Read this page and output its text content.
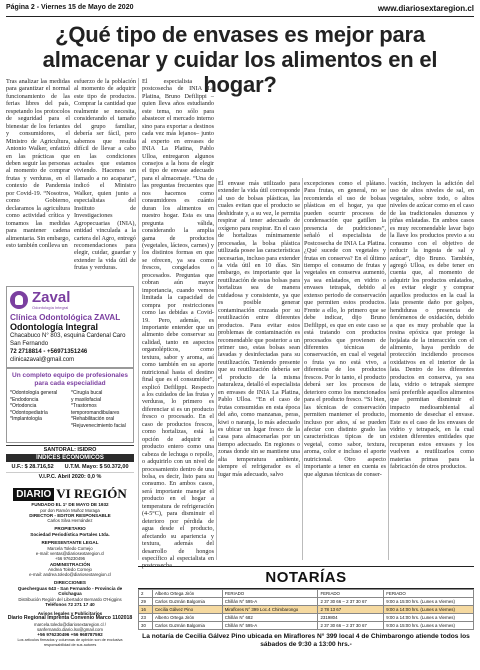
Página 2 - Viernes 15 de Mayo de 2020	www.diariosextaregion.cl
¿Qué tipo de envases es mejor para almacenar y cuidar los alimentos en el hogar?
Tras analizar las medidas para garantizar el normal funcionamiento de las ferias libres del país, respetando los protocolos de seguridad para el bienestar de los feriantes y consumidores, el Ministro de Agricultura, Antonio Walker, enfatizó en las prácticas que deben seguir las personas al momento de comprar frutas y verduras, en el contexto de Pandemia por Covid-19. “Nosotros, como Gobierno, declaramos la agricultura como actividad crítica y tomamos las medidas para mantener cadena alimentaria. Sin embargo, esto también conlleva un
esfuerzo de la población al momento de adquirir este tipo de productos. Comprar la cantidad que realmente se necesita, considerando el tamaño del grupo familiar, debería ser fácil, pero sabemos que resulta difícil de llevar a cabo en las condiciones actuales que estamos viviendo. Hacemos un llamado a no acaparar”, indicó el Ministro Walker, quien junto a especialistas del Instituto de Investigaciones Agropecuarias (INIA), entidad vinculada a la cartera del Agro, entregó recomendaciones para elegir, cuidar, guardar y extender la vida útil de frutas y verduras.
El especialista en postcosecha de INIA La Platina, Bruno Defilippi –quien lleva años estudiando este tema, no sólo para abastecer el mercado interno sino para exportar a destinos cada vez más lejanos– junto al experto en envases de INIA La Platina, Pablo Ulloa, entregaron algunos consejos a la hora de elegir el tipo de envase adecuado para el almacenaje. “Una de las preguntas frecuentes que nos hacemos como consumidores es cuánto duran los alimentos en nuestro hogar. Esta es una pregunta válida, considerando la amplia gama de productos (vegetales, lácteos, carnes) y los distintos formas en que se ofrecen, ya sea como frescos, congelados o procesados. Preguntas que cobran aún mayor importancia, cuando vemos limitada la capacidad de compra por restricciones como las debidas a Covid-19. Pero, además, es importante entender que un alimento debe conservar su calidad, tanto en aspectos organolépticos, como textura, sabor y aroma, así como también en su aporte nutricional hasta el destino final que es el consumidor”, explicó Defilippi. Respecto a los cuidados de las frutas y verduras, lo primero es diferenciar si es un producto fresco o procesado. En el caso de productos frescos, como hortalizas, está la opción de adquirir el producto entero como una cabeza de lechuga o repollo, o adquirirlo con un nivel de procesamiento dentro de una bolsa, es decir, listo para su consumo. En ambos casos, será importante manejar el producto en el hogar a temperatura de refrigeración (4-5°C), para disminuir el deterioro por pérdida de agua desde el producto, afectando su apariencia y textura, además del desarrollo de hongos específico al especialista en postcosecha.
El envase más utilizado para extender la vida útil corresponde al uso de bolsas plásticas, las cuales evitan que el producto se deshidrate y, a su vez, le permita respirar al tener adecuado de oxígeno para respirar. En el caso de hortalizas mínimamente procesadas, la bolsa plástica utilizada posee las características necesarias, incluso para extender la vida útil en 10 días. Sin embargo, es importante que la reutilización de estas bolsas para hortalizas sea de manera cuidadosa y consistente, ya que es posible generar contaminación cruzada por su reutilización entre diferentes productos. Para evitar estos problemas de contaminación es recomendable que posterior a un primer uso, estas bolsas sean lavadas y desinfectadas para su reutilización. Teniendo presente que su reutilización debería ser el producto de la misma naturaleza, detalló el especialista en envases de INIA La Platina, Pablo Ulloa. “En el caso de frutas consumidas en esta época del año, como manzanas, peras, kiwi o naranja, lo más adecuado es ubicar un lugar fresco de la casa para almacenarlas por un tiempo adecuado. En regiones o zonas donde sin se mantiene una alta temperatura ambiente, siempre el refrigerador es el lugar más adecuado, salvo
excepciones como el plátano. Para frutas, en general, no se recomienda el uso de bolsas plásticas en el hogar, ya que pueden ocurrir procesos de condensación que gatillen la presencia de pudriciones”, señaló el especialista de Postcosecha de INIA La Platina. ¿Qué sucede con vegetales y frutas en conserva? En el último tiempo el consumo de frutas y vegetales en conserva aumentó, ya sea enlatados, en vidrio o envases tetrapak, debido al extenso periodo de conservación que permiten estos productos. Frente a ello, lo primero que se debe indicar, dijo Bruno Defilippi, es que en este caso se está tratando con productos procesados que provienen de diferentes técnicas de conservación, en cual el vegetal o fruta ya no está vivo, a diferencia de los productos frescos. Por lo tanto, el producto deberá ser los procesos de deterioro como los mencionados para el producto fresco. “Si bien, las técnicas de conservación permiten mantener el producto, incluso por años, sí se pueden afectar con distinto grado las características típicas de un vegetal, como sabor, textura, aroma, color e incluso el aporte nutricional. Otro aspecto importante a tener en cuenta es que algunas técnicas de conser-
vación, incluyen la adición del uso de altos niveles de sal, en vegetales, sobre todo, o altos niveles de azúcar como en el caso de las tradicionales duraznos y piñas enlatadas. En ambos casos es muy recomendable lavar bajo la llave los productos previo a su consumo con el objetivo de reducir la ingesta de sal y azúcar”, dijo Bruno. También, agregó Ulloa, es debe tener en cuenta que, al momento de adquirir los productos enlatados, es evitar elegir y comprar aquellos productos en la cual la lata presente daño por golpes, hendiduras o presencia de fenómenos de oxidación, debido a que es muy probable que la resina epóxica que protege la hojalata de la interacción con el alimento, haya perdido de protección incidiendo procesos oxidativos en el interior de la lata. Dentro de los diferentes productos en conserva, ya sea lata, vidrio o tetrapak siempre será preferible aquellos alimentos que permitan disminuir el impacto medioambiental al momento de desechar el envase. Este es el caso de los envases de vidrio y tetrapack, en la cual existen diferentes entidades que recuperan estos envases y los vuelven a reutilizarlos como materias primas para la fabricación de otros productos.
Zaval
Odontología Integral
Clínica Odontológica ZAVAL
Odontología Integral
Chacabuco N° 803, esquina Cardenal Caro
San Fernando
72 2718814 - +56971351246
clinicazaval@gmail.com
Un completo equipo de profesionales para cada especialidad
*Odontología general
*Endodoncia
*Ortodoncia
*Odontopediatría
*Implantología
*Cirugía bucal
y maxilofacial
*Trastornos
temporomandibulares
*Rehabilitación oral
*Rejuvenecimiento facial
SANTORAL: ISIDRO
ÍNDICES ECONÓMICOS
U.F.: $ 28.716,52 U.T.M. Mayo: $ 50.372,00
V.I.P.C. Abril 2020: 0,0 %
DIARIO VI REGIÓN
FUNDADO EL 1° DE MAYO DE 1932
por don Ramón Muñoz Moraga
DIRECTOR - EDITOR RESPONSABLE
Carlos Silva Hernández
PROPIETARIO
Sociedad Periodística Portales Ltda.
REPRESENTANTE LEGAL
Marcela Toledo Cornejo
e-mail: ventas@diariosextaregion.cl
+56 976230496
ADMINISTRACIÓN
Andrea Toledo Cornejo
e-mail: andrea.toledo@diariosextaregion.cl
DIRECCIONES
Quecherguas 643 - San Fernando - Provincia de Colchagua
Distribución Región del Libertador Bernardo O'Higgins
Teléfonos 72 271 17 40
Avisos legales y Publicitarios
Diario Regional Imprenta Convenio Marco 1102018
marcela.toledo@diariosextaregion.cl / sanfernando.diario.lsx@gmail.com
+56 976230496 +56 968787592
Los artículos firmados y columnas de opinión son de exclusiva responsabilidad de sus autores
NOTARÍAS
2	Alberto Ortega Jirón	FERIADO	FERIADO	FERIADO
29	Carlos Guzmán Balgomia	Chillán N° 595-A	2 37 30 66 – 2 37 30 67	9:00 a 15:00 hrs. (Lunes a Viernes)
16	Cecilia Gálvez Pino	Miraflores N° 399 Loc.4 Chimbarongo	2 78 13 67	9:00 a 14:00 hrs. (Lunes a Viernes)
23	Alberto Ortega Jirón	Chillán N° 682	2319804	9:00 a 14:00 hrs. (Lunes a Viernes)
30	Carlos Guzmán Balgomia	Chillán N° 595-A	2 37 30 66 – 2 37 30 67	9:00 a 15:00 hrs. (Lunes a Viernes)
La notaría de Cecilia Gálvez Pino ubicada en Miraflores N° 399 local 4 de Chimbarongo atiende todos los sábados de 9:30 a 13:00 hrs.-
